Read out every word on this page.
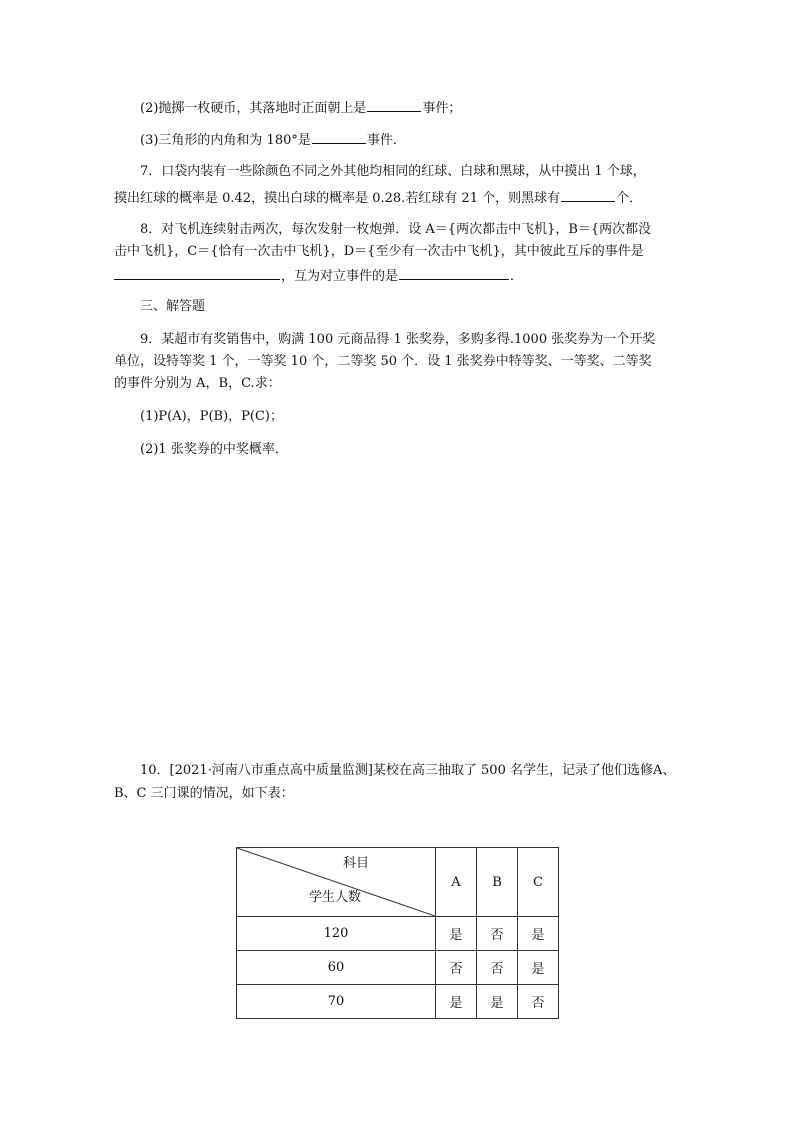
(2)抛掷一枚硬币，其落地时正面朝上是	事件；
(3)三角形的内角和为 180°是	事件．
7．口袋内装有一些除颜色不同之外其他均相同的红球、白球和黑球，从中摸出 1 个球，
摸出红球的概率是 0.42，摸出白球的概率是 0.28.若红球有 21 个，则黑球有	个．
8．对飞机连续射击两次，每次发射一枚炮弹．设 A＝{两次都击中飞机}，B＝{两次都没
击中飞机}，C＝{恰有一次击中飞机}，D＝{至少有一次击中飞机}，其中彼此互斥的事件是
，互为对立事件的是	．
三、解答题
9．某超市有奖销售中，购满 100 元商品得 1 张奖券，多购多得.1000 张奖券为一个开奖
单位，设特等奖 1 个，一等奖 10 个，二等奖 50 个．设 1 张奖券中特等奖、一等奖、二等奖
的事件分别为 A，B，C.求：
(1)P(A)，P(B)，P(C)；
(2)1 张奖券的中奖概率．
10．[2021·河南八市重点高中质量监测]某校在高三抽取了 500 名学生，记录了他们选修A、
B、C 三门课的情况，如下表：
科目
学生人数	A	B	C
120	是	否	是
60	否	否	是
70	是	是	否
